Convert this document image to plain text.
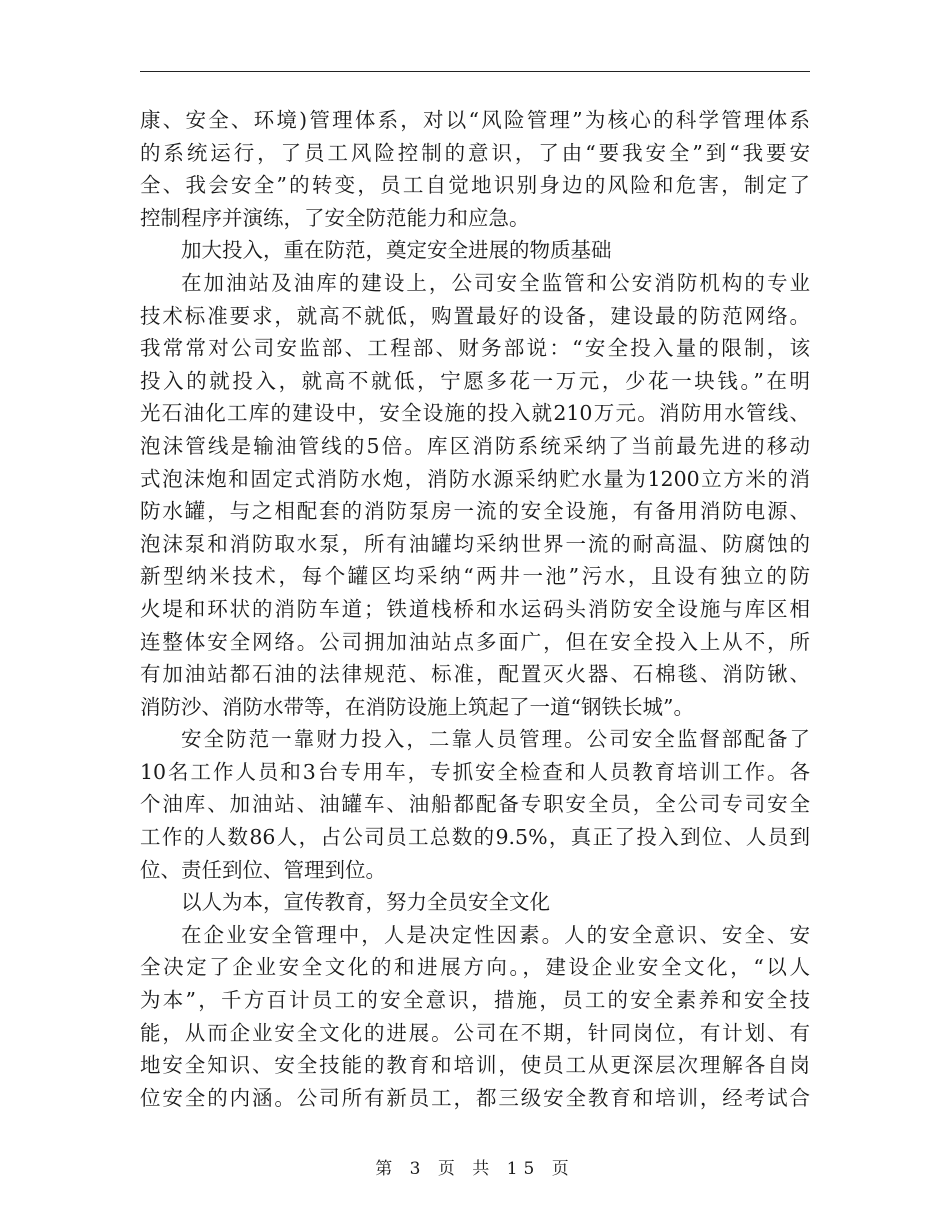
康、安全、环境)管理体系，对以“风险管理”为核心的科学管理体系
的系统运行，了员工风险控制的意识，了由“要我安全”到“我要安
全、我会安全”的转变，员工自觉地识别身边的风险和危害，制定了
控制程序并演练，了安全防范能力和应急。
加大投入，重在防范，奠定安全进展的物质基础
在加油站及油库的建设上，公司安全监管和公安消防机构的专业
技术标准要求，就高不就低，购置最好的设备，建设最的防范网络。
我常常对公司安监部、工程部、财务部说：“安全投入量的限制，该
投入的就投入，就高不就低，宁愿多花一万元，少花一块钱。”在明
光石油化工库的建设中，安全设施的投入就210万元。消防用水管线、
泡沫管线是输油管线的5倍。库区消防系统采纳了当前最先进的移动
式泡沫炮和固定式消防水炮，消防水源采纳贮水量为1200立方米的消
防水罐，与之相配套的消防泵房一流的安全设施，有备用消防电源、
泡沫泵和消防取水泵，所有油罐均采纳世界一流的耐高温、防腐蚀的
新型纳米技术，每个罐区均采纳“两井一池”污水，且设有独立的防
火堤和环状的消防车道；铁道栈桥和水运码头消防安全设施与库区相
连整体安全网络。公司拥加油站点多面广，但在安全投入上从不，所
有加油站都石油的法律规范、标准，配置灭火器、石棉毯、消防锹、
消防沙、消防水带等，在消防设施上筑起了一道“钢铁长城”。
安全防范一靠财力投入，二靠人员管理。公司安全监督部配备了
10名工作人员和3台专用车，专抓安全检查和人员教育培训工作。各
个油库、加油站、油罐车、油船都配备专职安全员，全公司专司安全
工作的人数86人，占公司员工总数的9.5%，真正了投入到位、人员到
位、责任到位、管理到位。
以人为本，宣传教育，努力全员安全文化
在企业安全管理中，人是决定性因素。人的安全意识、安全、安
全决定了企业安全文化的和进展方向。，建设企业安全文化，“以人
为本”，千方百计员工的安全意识，措施，员工的安全素养和安全技
能，从而企业安全文化的进展。公司在不期，针同岗位，有计划、有
地安全知识、安全技能的教育和培训，使员工从更深层次理解各自岗
位安全的内涵。公司所有新员工，都三级安全教育和培训，经考试合
第 3 页 共 15 页
